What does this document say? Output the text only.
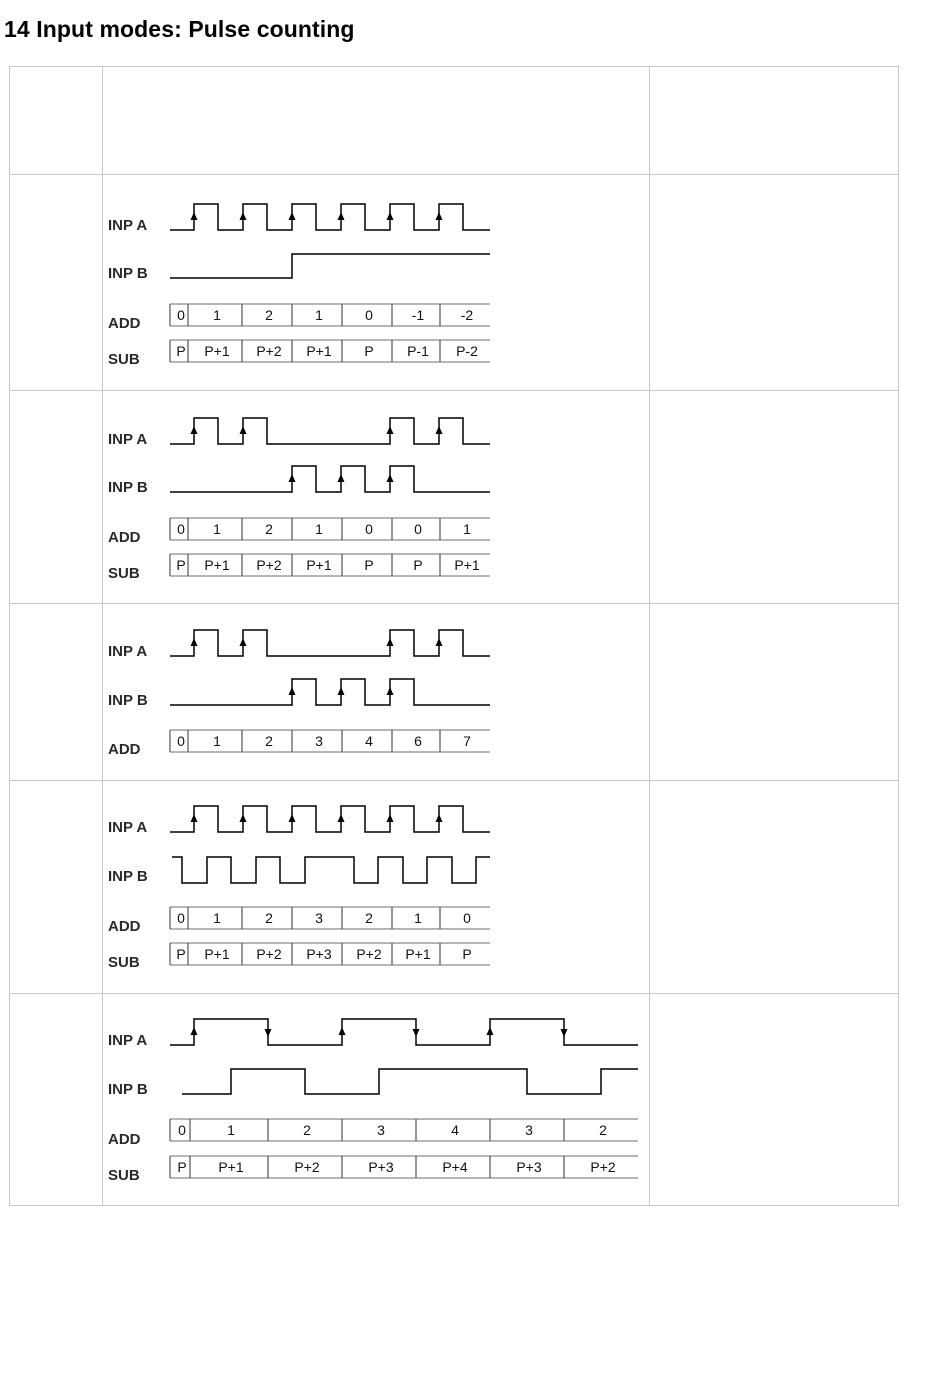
14 Input modes: Pulse counting
INP A
INP B
ADD
SUB
0 1	2	1	0	-1	-2
P P+1 P+2 P+1 P P-1 P-2
INP A
INP B
ADD
SUB
0 1	2	1	0	0	1
P P+1 P+2 P+1 P	P P+1
INP A
INP B
ADD	0 1	2	3	4	6	7
INP A
INP B
ADD
SUB
0 1	2	3	2	1	0
P P+1 P+2 P+3 P+2 P+1 P
INP A
INP B
ADD
SUB
0	1	2	3	4	3	2
P P+1	P+2	P+3	P+4	P+3	P+2
